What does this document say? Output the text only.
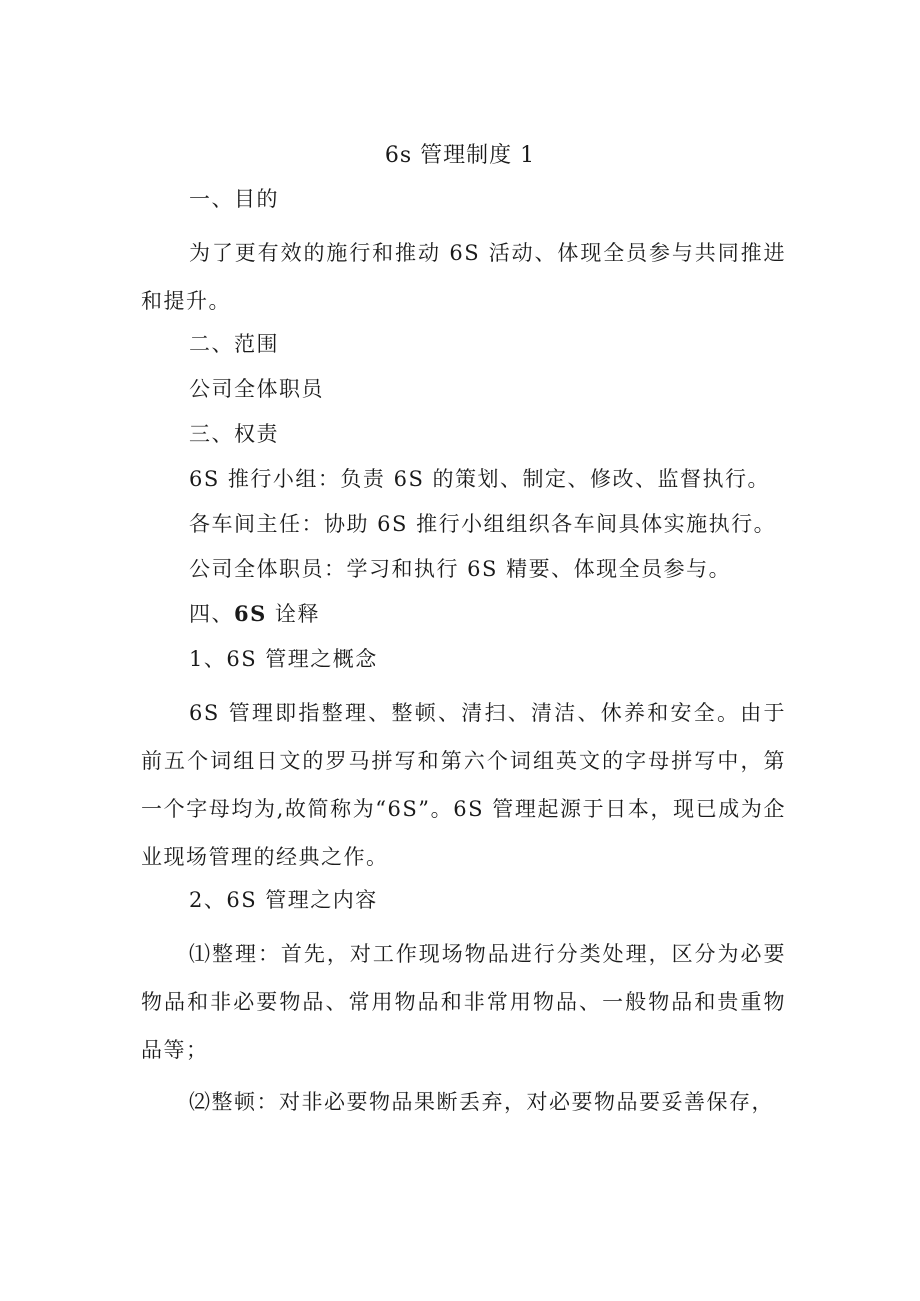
6s 管理制度 1

一、目的

为了更有效的施行和推动 6S 活动、体现全员参与共同推进和提升。

二、范围

公司全体职员

三、权责

6S 推行小组：负责 6S 的策划、制定、修改、监督执行。

各车间主任：协助 6S 推行小组组织各车间具体实施执行。

公司全体职员：学习和执行 6S 精要、体现全员参与。

四、6S 诠释

1、6S 管理之概念

6S 管理即指整理、整顿、清扫、清洁、休养和安全。由于前五个词组日文的罗马拼写和第六个词组英文的字母拼写中，第一个字母均为,故简称为“6S”。6S 管理起源于日本，现已成为企业现场管理的经典之作。

2、6S 管理之内容

⑴整理：首先，对工作现场物品进行分类处理，区分为必要物品和非必要物品、常用物品和非常用物品、一般物品和贵重物品等；

⑵整顿：对非必要物品果断丢弃，对必要物品要妥善保存，
